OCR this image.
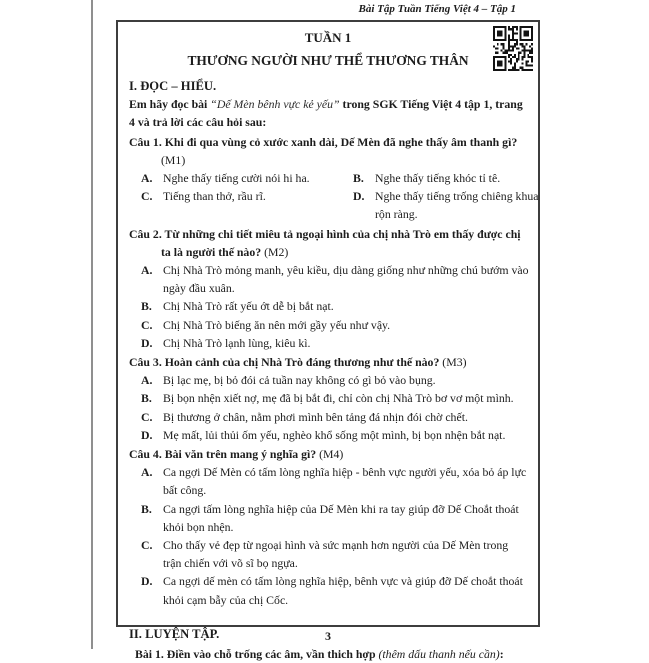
Bài Tập Tuần Tiếng Việt 4 – Tập 1
TUẦN 1
THƯƠNG NGƯỜI NHƯ THỂ THƯƠNG THÂN
I. ĐỌC – HIỂU.
Em hãy đọc bài “Dế Mèn bênh vực kẻ yếu” trong SGK Tiếng Việt 4 tập 1, trang 4 và trả lời các câu hỏi sau:
Câu 1. Khi đi qua vùng cỏ xước xanh dài, Dế Mèn đã nghe thấy âm thanh gì? (M1)
A. Nghe thấy tiếng cười nói hi ha.	B. Nghe thấy tiếng khóc tỉ tê.
C. Tiếng than thở, rầu rĩ.	D. Nghe thấy tiếng trống chiêng khua rộn ràng.
Câu 2. Từ những chi tiết miêu tả ngoại hình của chị nhà Trò em thấy được chị ta là người thế nào? (M2)
A. Chị Nhà Trò mỏng manh, yêu kiều, dịu dàng giống như những chú bướm vào ngày đầu xuân.
B. Chị Nhà Trò rất yếu ớt dễ bị bắt nạt.
C. Chị Nhà Trò biếng ăn nên mới gầy yếu như vậy.
D. Chị Nhà Trò lạnh lùng, kiêu kì.
Câu 3. Hoàn cảnh của chị Nhà Trò đáng thương như thế nào? (M3)
A. Bị lạc mẹ, bị bỏ đói cả tuần nay không có gì bỏ vào bụng.
B. Bị bọn nhện xiết nợ, mẹ đã bị bắt đi, chỉ còn chị Nhà Trò bơ vơ một mình.
C. Bị thương ở chân, nằm phơi mình bên tảng đá nhịn đói chờ chết.
D. Mẹ mất, lủi thủi ốm yếu, nghèo khổ sống một mình, bị bọn nhện bắt nạt.
Câu 4. Bài văn trên mang ý nghĩa gì? (M4)
A. Ca ngợi Dế Mèn có tấm lòng nghĩa hiệp - bênh vực người yếu, xóa bỏ áp lực bất công.
B. Ca ngợi tấm lòng nghĩa hiệp của Dế Mèn khi ra tay giúp đỡ Dế Choắt thoát khỏi bọn nhện.
C. Cho thấy vẻ đẹp từ ngoại hình và sức mạnh hơn người của Dế Mèn trong trận chiến với võ sĩ bọ ngựa.
D. Ca ngợi dế mèn có tấm lòng nghĩa hiệp, bênh vực và giúp đỡ Dế choắt thoát khỏi cạm bẫy của chị Cốc.
II. LUYỆN TẬP.
Bài 1. Điền vào chỗ trống các âm, vần thich hợp (thêm dấu thanh nếu cần):
3
